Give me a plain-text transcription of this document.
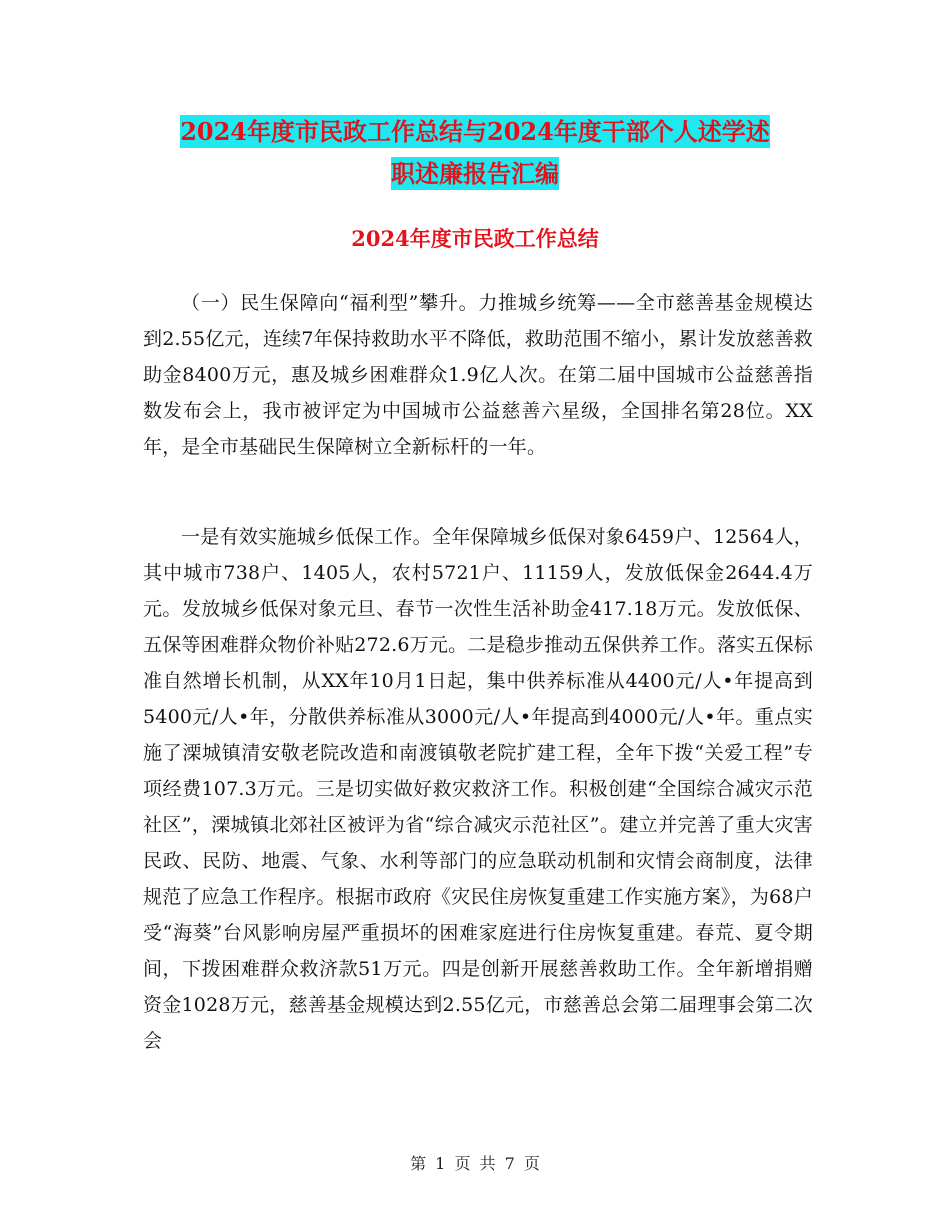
2024年度市民政工作总结与2024年度干部个人述学述
职述廉报告汇编
2024年度市民政工作总结

（一）民生保障向“福利型”攀升。力推城乡统筹——全市慈善基金规模达到2.55亿元，连续7年保持救助水平不降低，救助范围不缩小，累计发放慈善救助金8400万元，惠及城乡困难群众1.9亿人次。在第二届中国城市公益慈善指数发布会上，我市被评定为中国城市公益慈善六星级，全国排名第28位。XX年，是全市基础民生保障树立全新标杆的一年。

一是有效实施城乡低保工作。全年保障城乡低保对象6459户、12564人，其中城市738户、1405人，农村5721户、11159人，发放低保金2644.4万元。发放城乡低保对象元旦、春节一次性生活补助金417.18万元。发放低保、五保等困难群众物价补贴272.6万元。二是稳步推动五保供养工作。落实五保标准自然增长机制，从XX年10月1日起，集中供养标准从4400元/人•年提高到5400元/人•年，分散供养标准从3000元/人•年提高到4000元/人•年。重点实施了溧城镇清安敬老院改造和南渡镇敬老院扩建工程，全年下拨“关爱工程”专项经费107.3万元。三是切实做好救灾救济工作。积极创建“全国综合减灾示范社区”，溧城镇北郊社区被评为省“综合减灾示范社区”。建立并完善了重大灾害民政、民防、地震、气象、水利等部门的应急联动机制和灾情会商制度，法律规范了应急工作程序。根据市政府《灾民住房恢复重建工作实施方案》，为68户受“海葵”台风影响房屋严重损坏的困难家庭进行住房恢复重建。春荒、夏令期间，下拨困难群众救济款51万元。四是创新开展慈善救助工作。全年新增捐赠资金1028万元，慈善基金规模达到2.55亿元，市慈善总会第二届理事会第二次会

第 1 页 共 7 页
